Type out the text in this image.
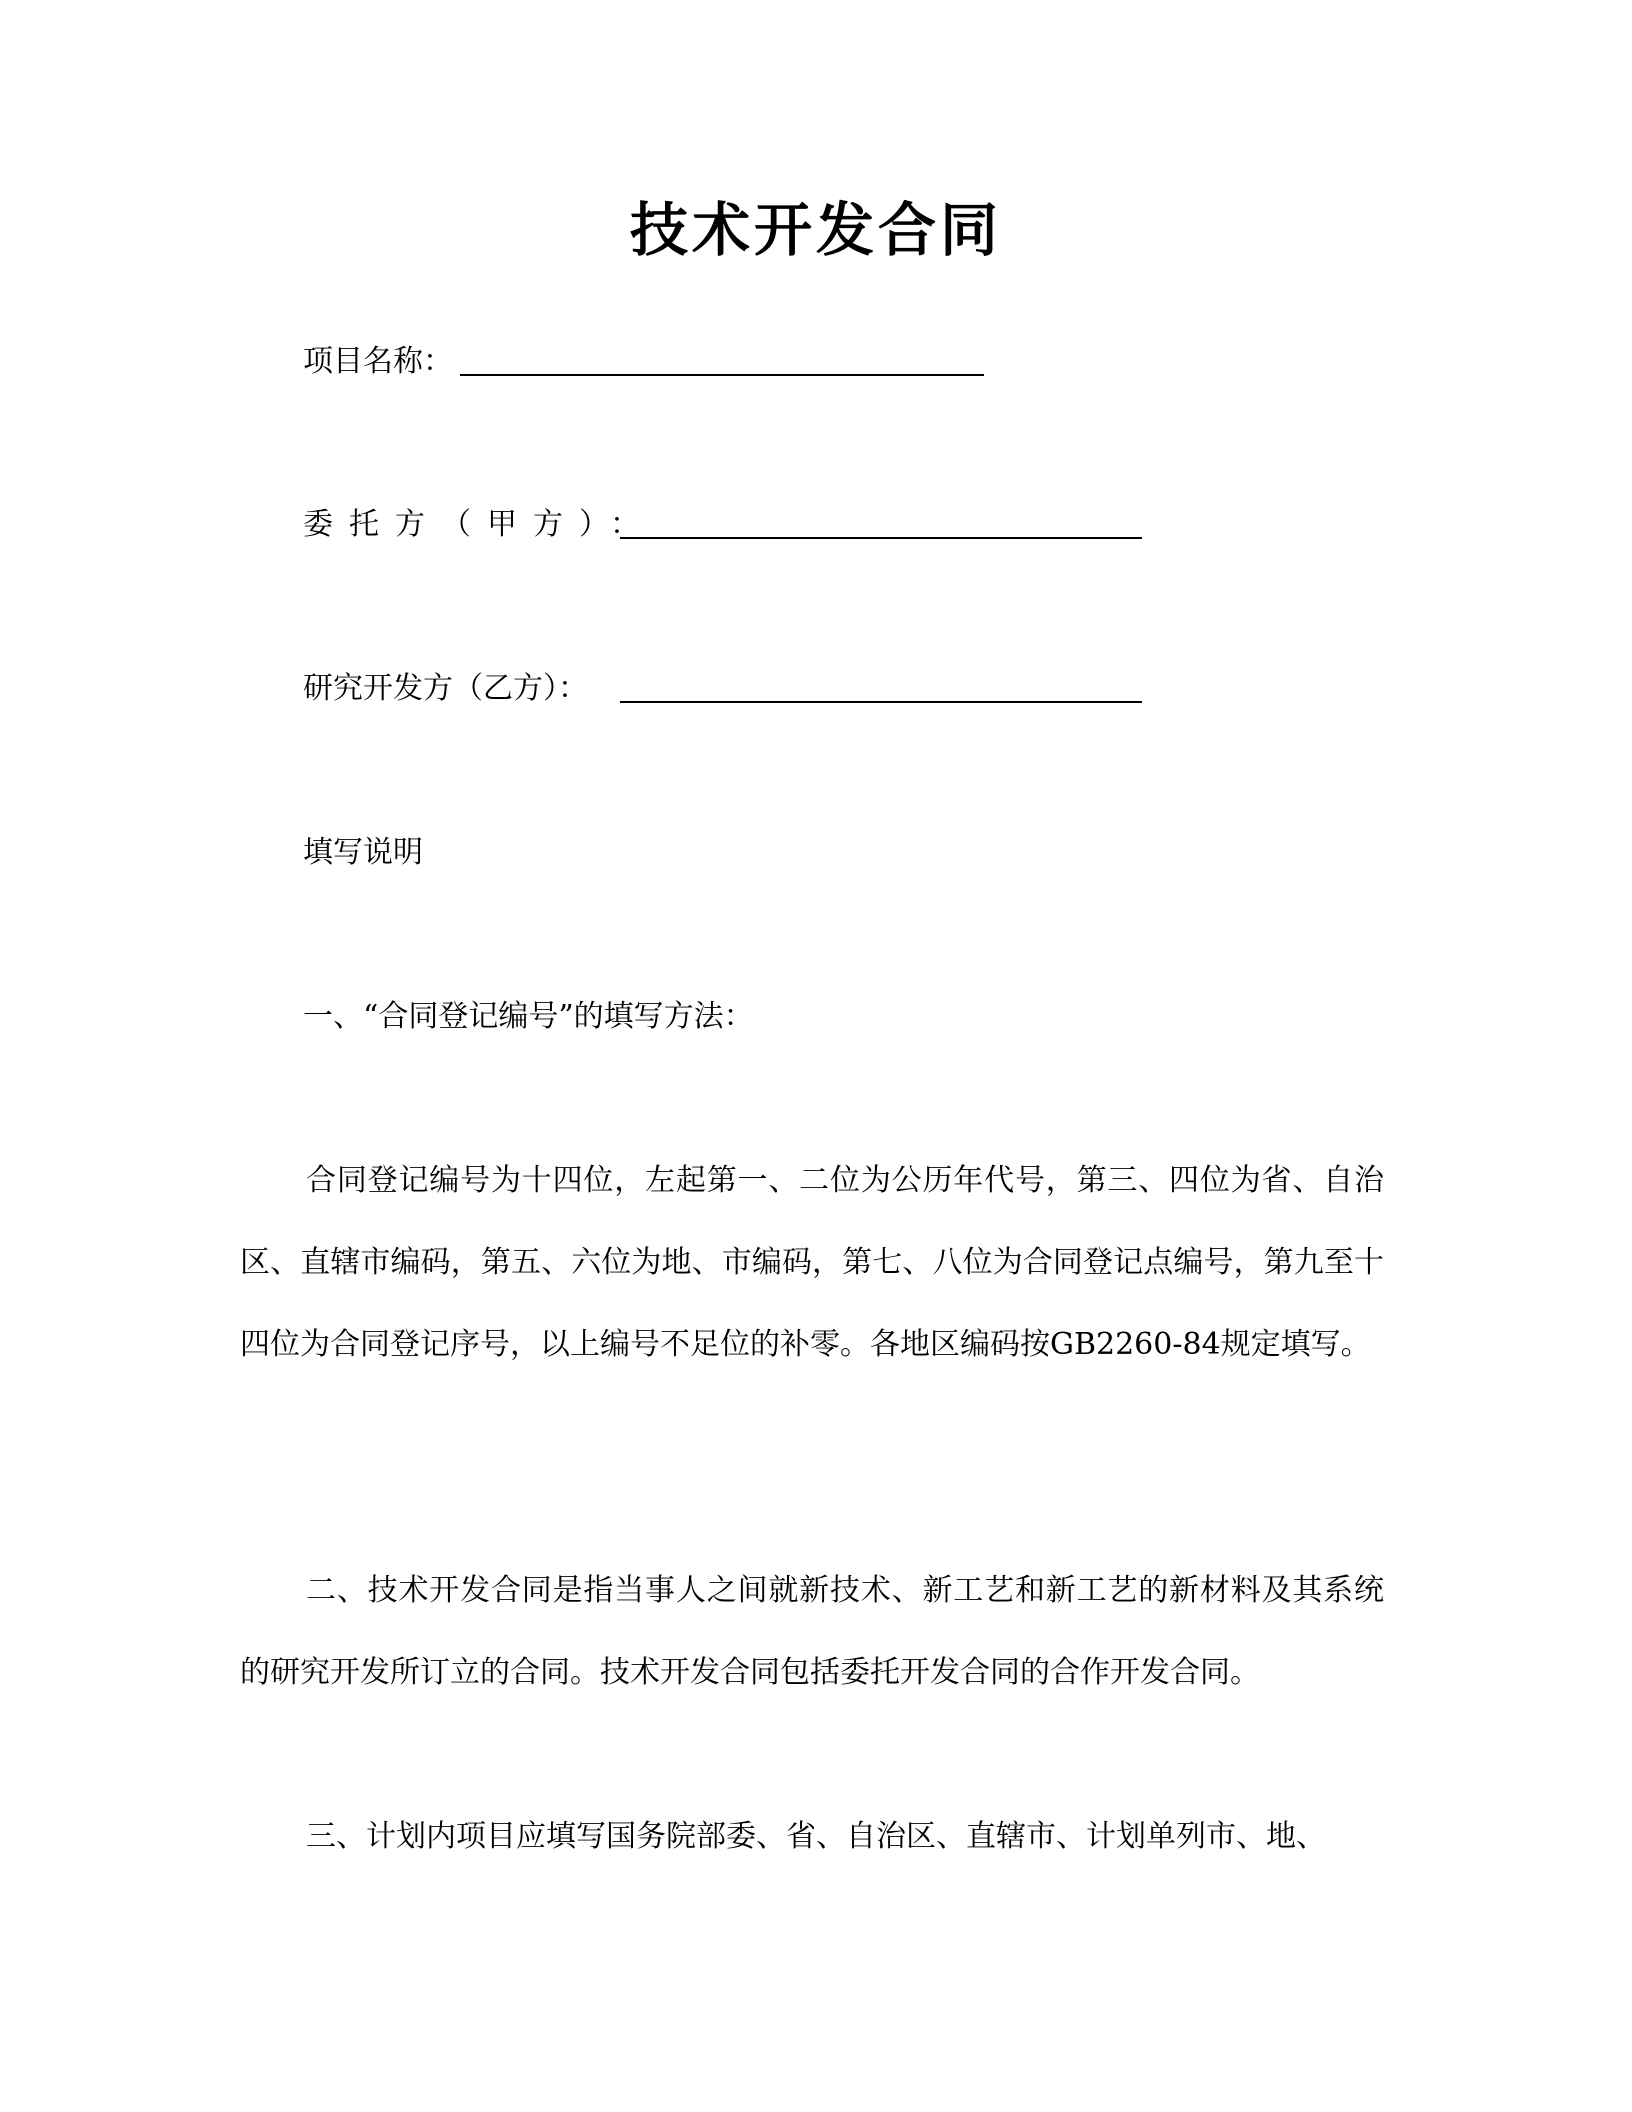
技术开发合同
项目名称：
委托方（甲方）：
研究开发方（乙方）：
填写说明
一、“合同登记编号”的填写方法：
合同登记编号为十四位，左起第一、二位为公历年代号，第三、四位为省、自治区、直辖市编码，第五、六位为地、市编码，第七、八位为合同登记点编号，第九至十四位为合同登记序号，以上编号不足位的补零。各地区编码按GB2260-84规定填写。
二、技术开发合同是指当事人之间就新技术、新工艺和新工艺的新材料及其系统的研究开发所订立的合同。技术开发合同包括委托开发合同的合作开发合同。
三、计划内项目应填写国务院部委、省、自治区、直辖市、计划单列市、地、
